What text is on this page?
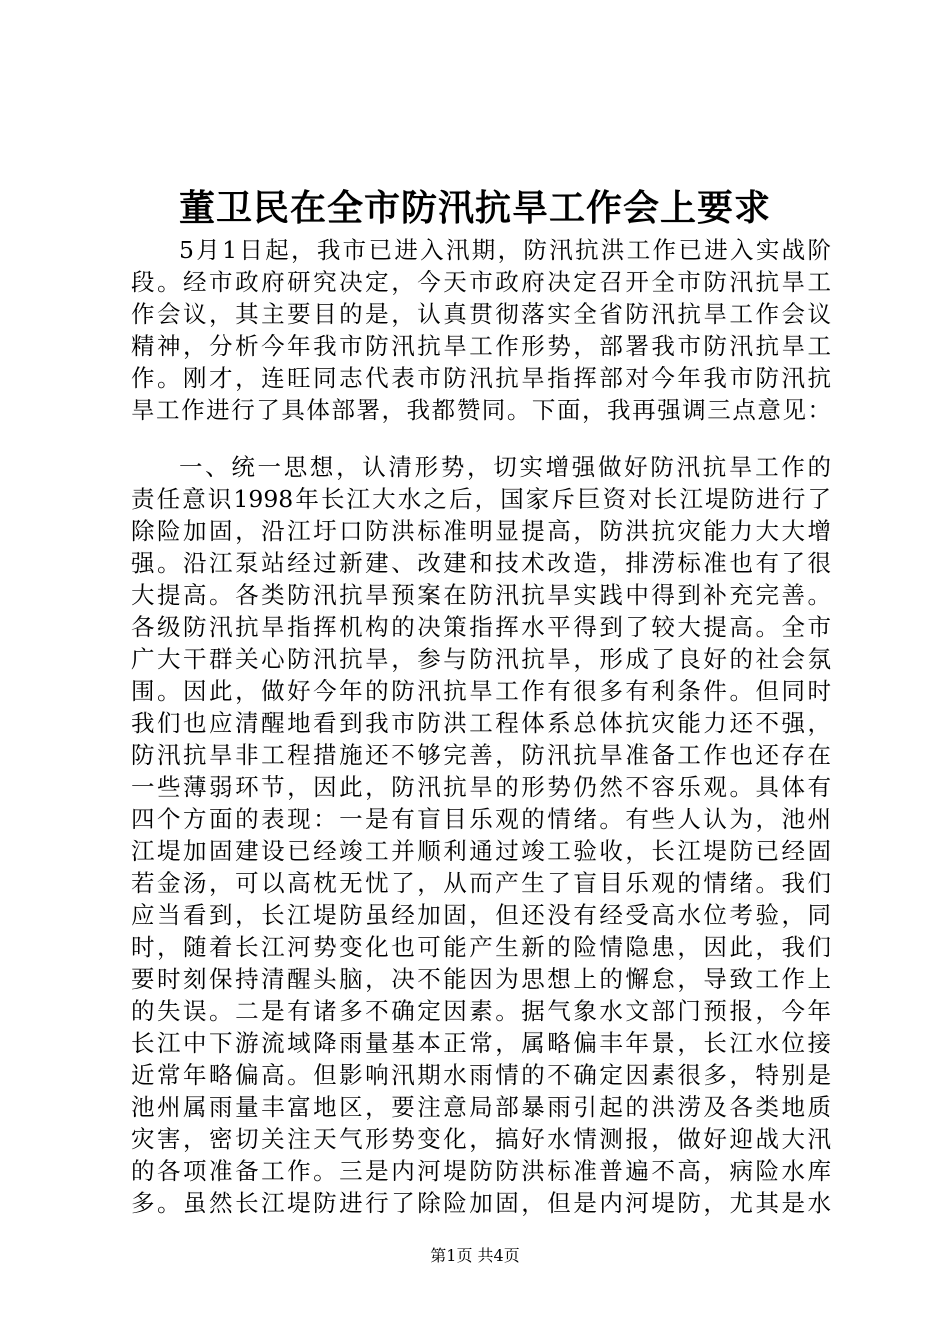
董卫民在全市防汛抗旱工作会上要求
5月1日起，我市已进入汛期，防汛抗洪工作已进入实战阶
段。经市政府研究决定，今天市政府决定召开全市防汛抗旱工
作会议，其主要目的是，认真贯彻落实全省防汛抗旱工作会议
精神，分析今年我市防汛抗旱工作形势，部署我市防汛抗旱工
作。刚才，连旺同志代表市防汛抗旱指挥部对今年我市防汛抗
旱工作进行了具体部署，我都赞同。下面，我再强调三点意见：
一、统一思想，认清形势，切实增强做好防汛抗旱工作的
责任意识1998年长江大水之后，国家斥巨资对长江堤防进行了
除险加固，沿江圩口防洪标准明显提高，防洪抗灾能力大大增
强。沿江泵站经过新建、改建和技术改造，排涝标准也有了很
大提高。各类防汛抗旱预案在防汛抗旱实践中得到补充完善。
各级防汛抗旱指挥机构的决策指挥水平得到了较大提高。全市
广大干群关心防汛抗旱，参与防汛抗旱，形成了良好的社会氛
围。因此，做好今年的防汛抗旱工作有很多有利条件。但同时
我们也应清醒地看到我市防洪工程体系总体抗灾能力还不强，
防汛抗旱非工程措施还不够完善，防汛抗旱准备工作也还存在
一些薄弱环节，因此，防汛抗旱的形势仍然不容乐观。具体有
四个方面的表现：一是有盲目乐观的情绪。有些人认为，池州
江堤加固建设已经竣工并顺利通过竣工验收，长江堤防已经固
若金汤，可以高枕无忧了，从而产生了盲目乐观的情绪。我们
应当看到，长江堤防虽经加固，但还没有经受高水位考验，同
时，随着长江河势变化也可能产生新的险情隐患，因此，我们
要时刻保持清醒头脑，决不能因为思想上的懈怠，导致工作上
的失误。二是有诸多不确定因素。据气象水文部门预报，今年
长江中下游流域降雨量基本正常，属略偏丰年景，长江水位接
近常年略偏高。但影响汛期水雨情的不确定因素很多，特别是
池州属雨量丰富地区，要注意局部暴雨引起的洪涝及各类地质
灾害，密切关注天气形势变化，搞好水情测报，做好迎战大汛
的各项准备工作。三是内河堤防防洪标准普遍不高，病险水库
多。虽然长江堤防进行了除险加固，但是内河堤防，尤其是水
第1页 共4页
